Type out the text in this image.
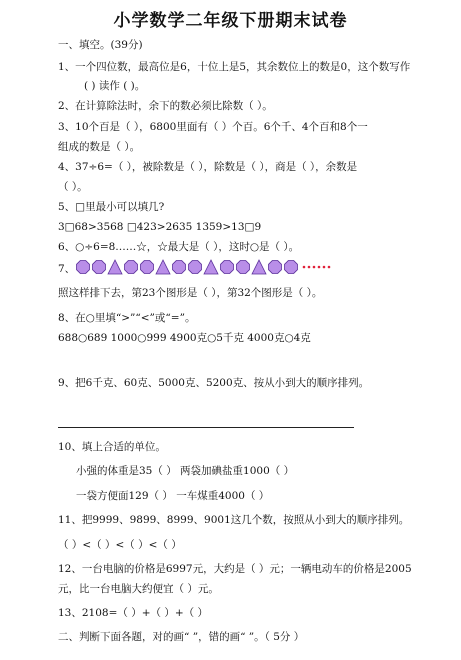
小学数学二年级下册期末试卷
一、填空。(39分)
1、一个四位数，最高位是6，十位上是5，其余数位上的数是0，这个数写作
( ) 读作 ( )。
2、在计算除法时，余下的数必须比除数（ ）。
3、10个百是（ ），6800里面有（ ）个百。6个千、4个百和8个一
组成的数是（ ）。
4、37÷6=（ ），被除数是（ ），除数是（ ），商是（ ），余数是
（ ）。
5、□里最小可以填几?
3□68>3568 □423>2635 1359>13□9
6、○÷6=8……☆，☆最大是（ ），这时○是（ ）。
7、
照这样排下去，第23个图形是（ ），第32个图形是（ ）。
8、在○里填“>”“<”或“=”。
688○689 1000○999 4900克○5千克 4000克○4克
9、把6千克、60克、5000克、5200克、按从小到大的顺序排列。
10、填上合适的单位。
小强的体重是35（ ） 两袋加碘盐重1000（ ）
一袋方便面129（ ） 一车煤重4000（ ）
11、把9999、9899、8999、9001这几个数，按照从小到大的顺序排列。
（ ）<（ ）<（ ）<（ ）
12、一台电脑的价格是6997元，大约是（ ）元；一辆电动车的价格是2005
元，比一台电脑大约便宜（ ）元。
13、2108=（ ）+（ ）+（ ）
二、判断下面各题，对的画“ ”，错的画“ ”。（ 5分 ）
